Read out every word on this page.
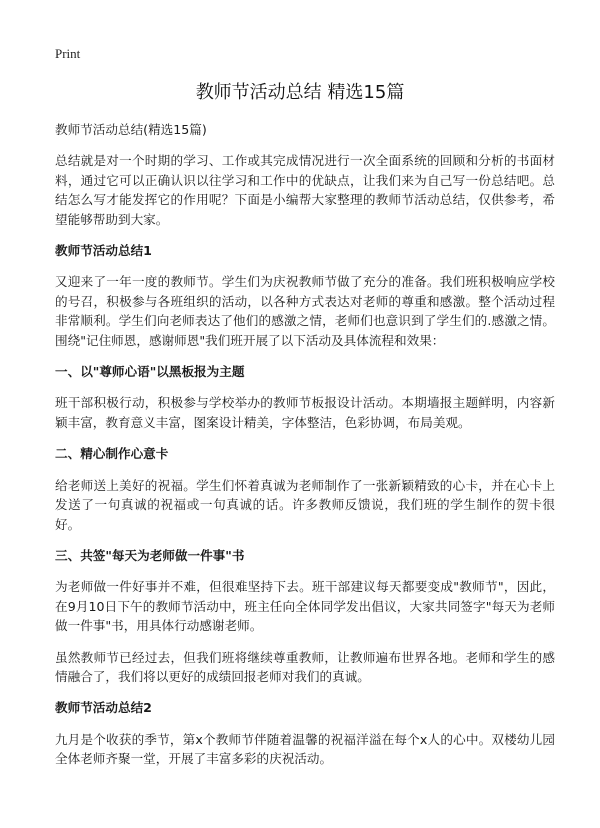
Print
教师节活动总结 精选15篇

教师节活动总结(精选15篇)

总结就是对一个时期的学习、工作或其完成情况进行一次全面系统的回顾和分析的书面材料，通过它可以正确认识以往学习和工作中的优缺点，让我们来为自己写一份总结吧。总结怎么写才能发挥它的作用呢？下面是小编帮大家整理的教师节活动总结，仅供参考，希望能够帮助到大家。

教师节活动总结1

又迎来了一年一度的教师节。学生们为庆祝教师节做了充分的准备。我们班积极响应学校的号召，积极参与各班组织的活动，以各种方式表达对老师的尊重和感激。整个活动过程非常顺利。学生们向老师表达了他们的感激之情，老师们也意识到了学生们的.感激之情。围绕"记住师恩，感谢师恩"我们班开展了以下活动及具体流程和效果：

一、以"尊师心语"以黑板报为主题

班干部积极行动，积极参与学校举办的教师节板报设计活动。本期墙报主题鲜明，内容新颖丰富，教育意义丰富，图案设计精美，字体整洁，色彩协调，布局美观。

二、精心制作心意卡

给老师送上美好的祝福。学生们怀着真诚为老师制作了一张新颖精致的心卡，并在心卡上发送了一句真诚的祝福或一句真诚的话。许多教师反馈说，我们班的学生制作的贺卡很好。

三、共签"每天为老师做一件事"书

为老师做一件好事并不难，但很难坚持下去。班干部建议每天都要变成"教师节"，因此，在9月10日下午的教师节活动中，班主任向全体同学发出倡议，大家共同签字"每天为老师做一件事"书，用具体行动感谢老师。

虽然教师节已经过去，但我们班将继续尊重教师，让教师遍布世界各地。老师和学生的感情融合了，我们将以更好的成绩回报老师对我们的真诚。

教师节活动总结2

九月是个收获的季节，第x个教师节伴随着温馨的祝福洋溢在每个x人的心中。双楼幼儿园全体老师齐聚一堂，开展了丰富多彩的庆祝活动。
